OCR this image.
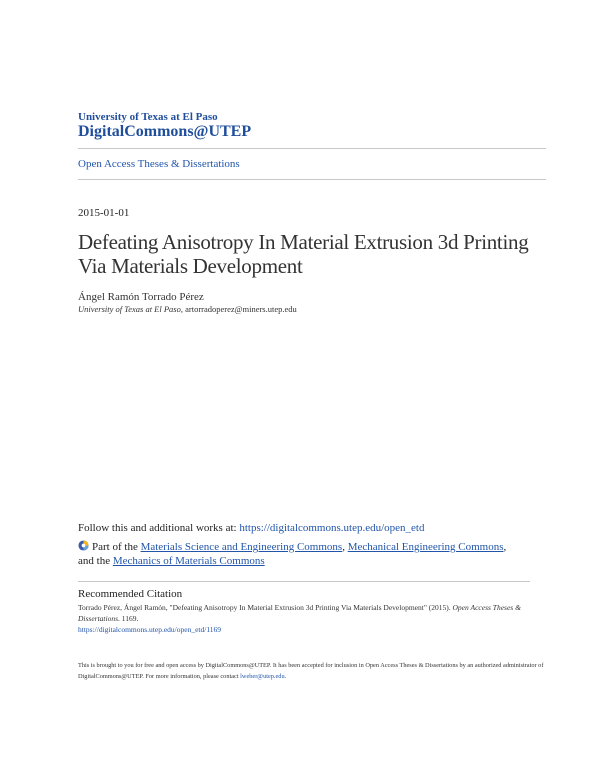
University of Texas at El Paso
DigitalCommons@UTEP
Open Access Theses & Dissertations
2015-01-01
Defeating Anisotropy In Material Extrusion 3d Printing Via Materials Development
Ángel Ramón Torrado Pérez
University of Texas at El Paso, artorradoperez@miners.utep.edu
Follow this and additional works at: https://digitalcommons.utep.edu/open_etd
Part of the Materials Science and Engineering Commons, Mechanical Engineering Commons,
and the Mechanics of Materials Commons
Recommended Citation
Torrado Pérez, Ángel Ramón, "Defeating Anisotropy In Material Extrusion 3d Printing Via Materials Development" (2015). Open Access Theses & Dissertations. 1169.
https://digitalcommons.utep.edu/open_etd/1169
This is brought to you for free and open access by DigitalCommons@UTEP. It has been accepted for inclusion in Open Access Theses & Dissertations by an authorized administrator of DigitalCommons@UTEP. For more information, please contact lweber@utep.edu.
